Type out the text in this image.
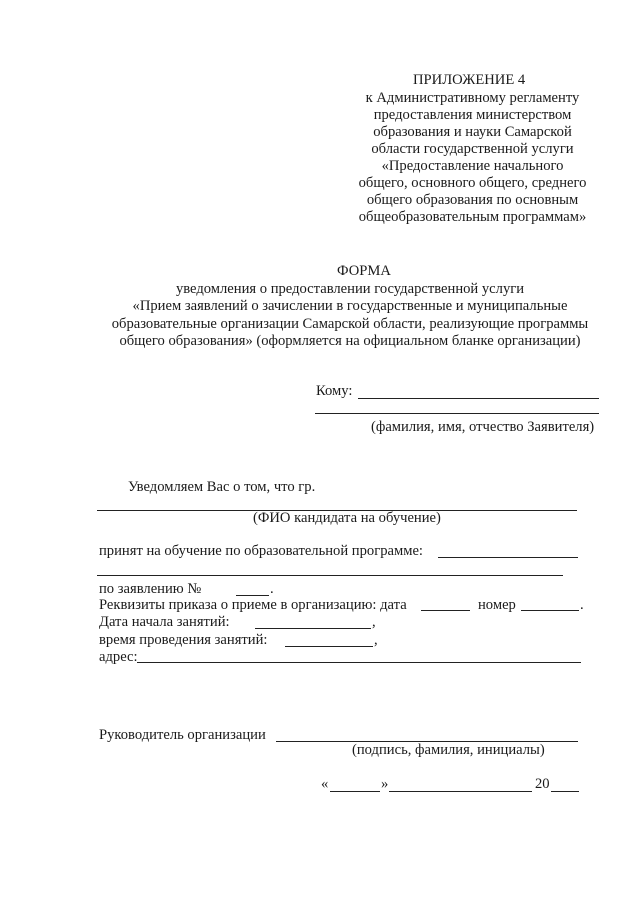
ПРИЛОЖЕНИЕ 4
к Административному регламенту
предоставления министерством
образования и науки Самарской
области государственной услуги
«Предоставление начального
общего, основного общего, среднего
общего образования по основным
общеобразовательным программам»
ФОРМА
уведомления о предоставлении государственной услуги
«Прием заявлений о зачислении в государственные и муниципальные
образовательные организации Самарской области, реализующие программы
общего образования» (оформляется на официальном бланке организации)
Кому:
(фамилия, имя, отчество Заявителя)
Уведомляем Вас о том, что гр.
(ФИО кандидата на обучение)
принят на обучение по образовательной программе:
по заявлению №	.
Реквизиты приказа о приеме в организацию: дата	номер	.
Дата начала занятий:	,
время проведения занятий:	,
адрес:
Руководитель организации
(подпись, фамилия, инициалы)
«	»	20
